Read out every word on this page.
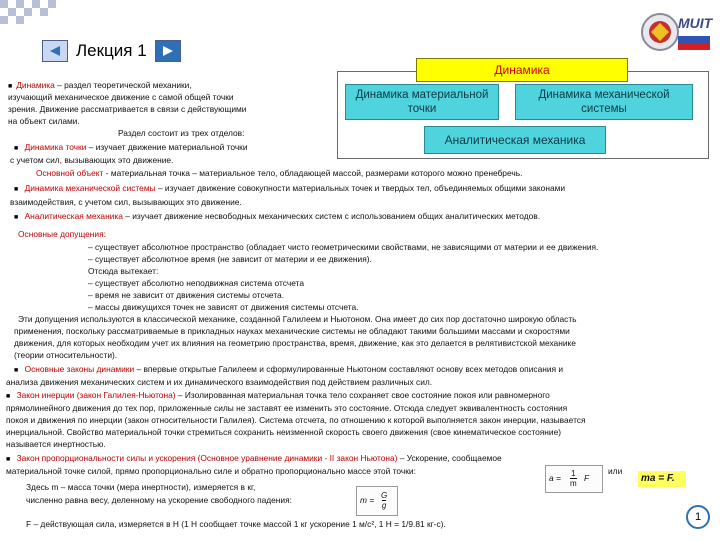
Лекция 1
MUIT
Динамика
Динамика материальной точки
Динамика механической системы
Аналитическая механика
■ Динамика – раздел теоретической механики,
изучающий механическое движение с самой общей точки
зрения. Движение рассматривается в связи с действующими
на объект силами.
Раздел состоит из трех отделов:
■ Динамика точки – изучает движение материальной точки
с учетом сил, вызывающих это движение.
Основной объект - материальная точка – материальное тело, обладающей массой, размерами которого можно пренебречь.
■ Динамика механической системы – изучает движение совокупности материальных точек и твердых тел, объединяемых общими законами
взаимодействия, с учетом сил, вызывающих это движение.
■ Аналитическая механика – изучает движение несвободных механических систем с использованием общих аналитических методов.
Основные допущения:
– существует абсолютное пространство (обладает чисто геометрическими свойствами, не зависящими от материи и ее движения.
– существует абсолютное время (не зависит от материи и ее движения).
Отсюда вытекает:
– существует абсолютно неподвижная система отсчета
– время не зависит от движения системы отсчета.
– массы движущихся точек не зависят от движения системы отсчета.
Эти допущения используются в классической механике, созданной Галилеем и Ньютоном. Она имеет до сих пор достаточно широкую область
применения, поскольку рассматриваемые в прикладных науках механические системы не обладают такими большими массами и скоростями
движения, для которых необходим учет их влияния на геометрию пространства, время, движение, как это делается в релятивистской механике
(теории относительности).
■ Основные законы динамики – впервые открытые Галилеем и сформулированные Ньютоном составляют основу всех методов описания и
анализа движения механических систем и их динамического взаимодействия под действием различных сил.
■ Закон инерции (закон Галилея-Ньютона) – Изолированная материальная точка тело сохраняет свое состояние покоя или равномерного
прямолинейного движения до тех пор, приложенные силы не заставят ее изменить это состояние. Отсюда следует эквивалентность состояния
покоя и движения по инерции (закон относительности Галилея). Система отсчета, по отношению к которой выполняется закон инерции, называется
инерциальной. Свойство материальной точки стремиться сохранить неизменной скорость своего движения (свое кинематическое состояние)
называется инертностью.
■ Закон пропорциональности силы и ускорения (Основное уравнение динамики - II закон Ньютона) – Ускорение, сообщаемое
материальной точке силой, прямо пропорционально силе и обратно пропорционально массе этой точки:
$a = \frac{1}{m}$ F
или
ma = F.
Здесь m – масса точки (мера инертности), измеряется в кг,
численно равна весу, деленному на ускорение свободного падения:	$m = \frac{G}{g}$
F – действующая сила, измеряется в Н (1 Н сообщает точке массой 1 кг ускорение 1 м/с², 1 Н = 1/9.81 кг-с).
1
